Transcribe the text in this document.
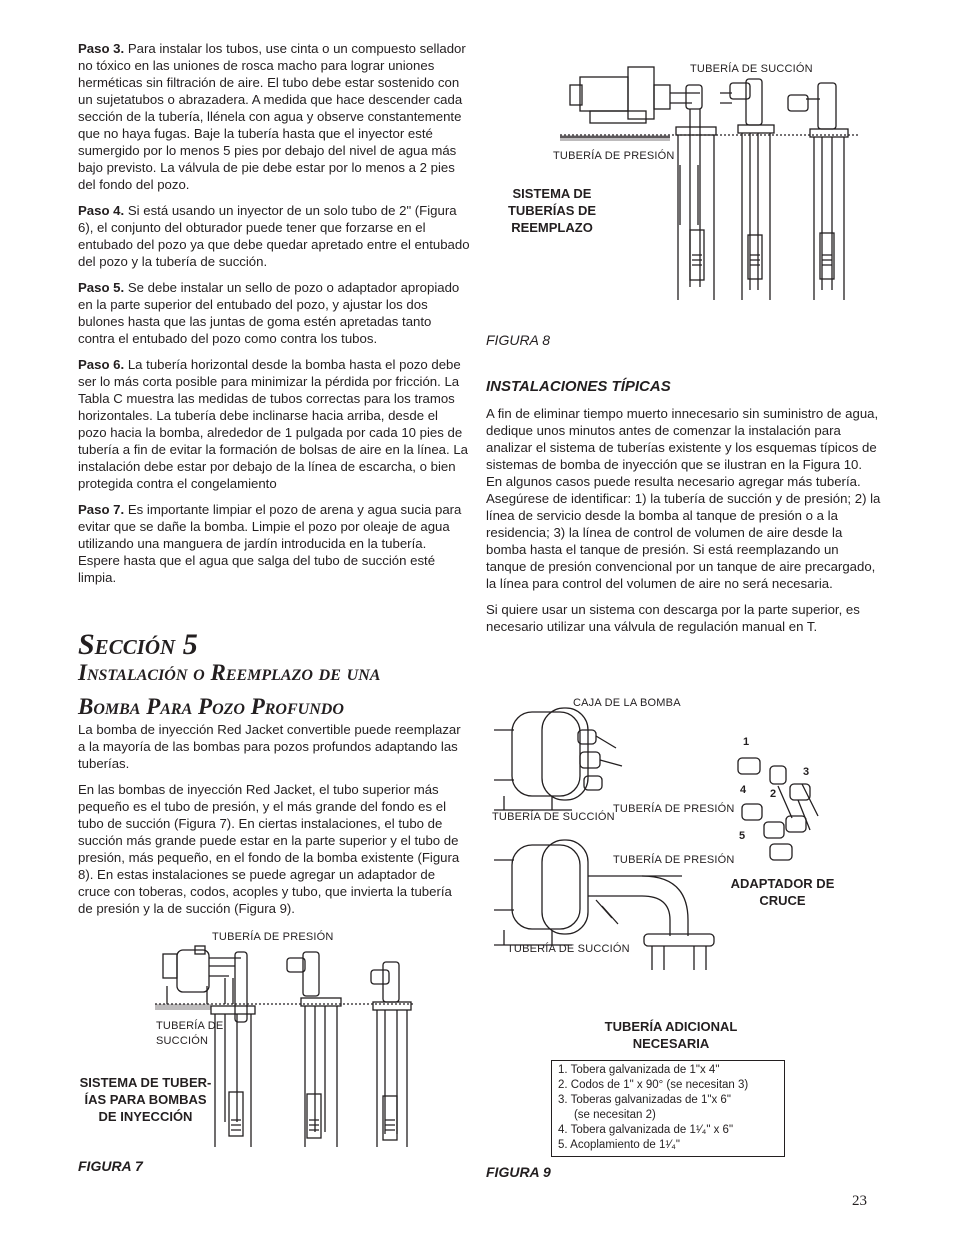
Paso 3. Para instalar los tubos, use cinta o un compuesto sellador no tóxico en las uniones de rosca macho para lograr uniones herméticas sin filtración de aire. El tubo debe estar sostenido con un sujetatubos o abrazadera. A medida que hace descender cada sección de la tubería, llénela con agua y observe constantemente que no haya fugas. Baje la tubería hasta que el inyector esté sumergido por lo menos 5 pies por debajo del nivel de agua más bajo previsto. La válvula de pie debe estar por lo menos a 2 pies del fondo del pozo.

Paso 4. Si está usando un inyector de un solo tubo de 2" (Figura 6), el conjunto del obturador puede tener que forzarse en el entubado del pozo ya que debe quedar apretado entre el entubado del pozo y la tubería de succión.

Paso 5. Se debe instalar un sello de pozo o adaptador apropiado en la parte superior del entubado del pozo, y ajustar los dos bulones hasta que las juntas de goma estén apretadas tanto contra el entubado del pozo como contra los tubos.

Paso 6. La tubería horizontal desde la bomba hasta el pozo debe ser lo más corta posible para minimizar la pérdida por fricción. La Tabla C muestra las medidas de tubos correctas para los tramos horizontales. La tubería debe inclinarse hacia arriba, desde el pozo hacia la bomba, alrededor de 1 pulgada por cada 10 pies de tubería a fin de evitar la formación de bolsas de aire en la línea. La instalación debe estar por debajo de la línea de escarcha, o bien protegida contra el congelamiento

Paso 7. Es importante limpiar el pozo de arena y agua sucia para evitar que se dañe la bomba. Limpie el pozo por oleaje de agua utilizando una manguera de jardín introducida en la tubería. Espere hasta que el agua que salga del tubo de succión esté limpia.

Sección 5
Instalación o Reemplazo de una
Bomba Para Pozo Profundo

La bomba de inyección Red Jacket convertible puede reemplazar a la mayoría de las bombas para pozos profundos adaptando las tuberías.

En las bombas de inyección Red Jacket, el tubo superior más pequeño es el tubo de presión, y el más grande del fondo es el tubo de succión (Figura 7). En ciertas instalaciones, el tubo de succión más grande puede estar en la parte superior y el tubo de presión, más pequeño, en el fondo de la bomba existente (Figura 8). En estas instalaciones se puede agregar un adaptador de cruce con toberas, codos, acoples y tubo, que invierta la tubería de presión y la de succión (Figura 9).

TUBERÍA DE SUCCIÓN
TUBERÍA DE PRESIÓN
SISTEMA DE
TUBERÍAS DE
REEMPLAZO
FIGURA 8
INSTALACIONES TÍPICAS

A fin de eliminar tiempo muerto innecesario sin suministro de agua, dedique unos minutos antes de comenzar la instalación para analizar el sistema de tuberías existente y los esquemas típicos de sistemas de bomba de inyección que se ilustran en la Figura 10. En algunos casos puede resulta necesario agregar más tubería. Asegúrese de identificar: 1) la tubería de succión y de presión; 2) la línea de servicio desde la bomba al tanque de presión o a la residencia; 3) la línea de control de volumen de aire desde la bomba hasta el tanque de presión. Si está reemplazando un tanque de presión convencional por un tanque de aire precargado, la línea para control del volumen de aire no será necesaria.

Si quiere usar un sistema con descarga por la parte superior, es necesario utilizar una válvula de regulación manual en T.

CAJA DE LA BOMBA
TUBERÍA DE PRESIÓN
TUBERÍA DE SUCCIÓN
TUBERÍA DE PRESIÓN
TUBERÍA DE SUCCIÓN
1
2
3
4
5
ADAPTADOR DE
CRUCE
TUBERÍA ADICIONAL
NECESARIA
1. Tobera galvanizada de 1"x 4"
2. Codos de 1" x 90° (se necesitan 3)
3. Toberas galvanizadas de 1"x 6"
(se necesitan 2)
4. Tobera galvanizada de 1¹⁄₄" x 6"
5. Acoplamiento de 1¹⁄₄"
FIGURA 9
TUBERÍA DE PRESIÓN
TUBERÍA DE
SUCCIÓN
SISTEMA DE TUBER-
ÍAS PARA BOMBAS
DE INYECCIÓN
FIGURA 7
23
